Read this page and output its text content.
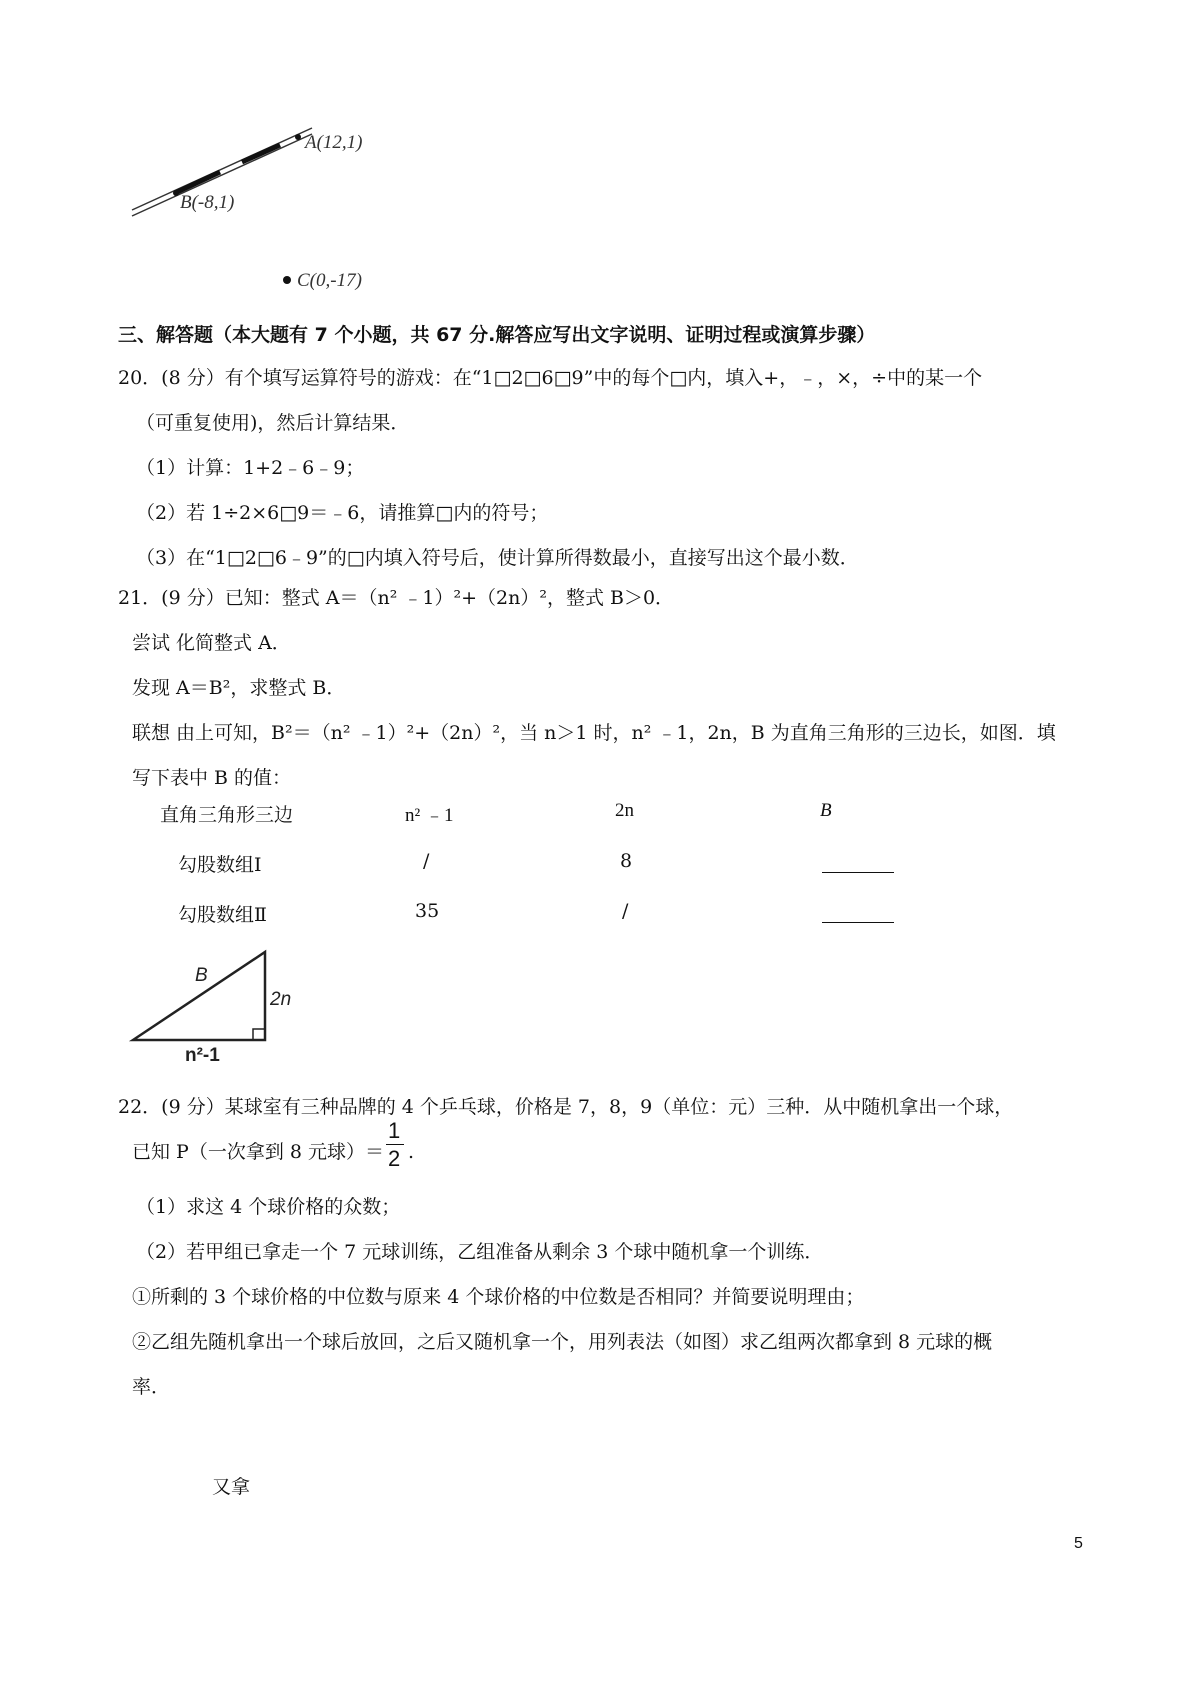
A(12,1)
B(-8,1)
C(0,-17)
三、解答题（本大题有 7 个小题，共 67 分.解答应写出文字说明、证明过程或演算步骤）
20．(8 分）有个填写运算符号的游戏：在“1□2□6□9”中的每个□内，填入+，﹣，×，÷中的某一个
（可重复使用)，然后计算结果．
（1）计算：1+2﹣6﹣9；
（2）若 1÷2×6□9＝﹣6，请推算□内的符号；
（3）在“1□2□6﹣9”的□内填入符号后，使计算所得数最小，直接写出这个最小数．
21．(9 分）已知：整式 A＝（n² ﹣1）²+（2n）²，整式 B＞0．
尝试 化简整式 A．
发现 A＝B²，求整式 B．
联想 由上可知，B²＝（n² ﹣1）²+（2n）²，当 n＞1 时，n² ﹣1，2n，B 为直角三角形的三边长，如图．填
写下表中 B 的值：
直角三角形三边	n² ﹣1	2n	B
勾股数组Ⅰ	/	8
勾股数组Ⅱ	35	/
B
2n
n²-1
22．(9 分）某球室有三种品牌的 4 个乒乓球，价格是 7，8，9（单位：元）三种．从中随机拿出一个球，
已知 P（一次拿到 8 元球）＝ $\frac{1}{2}$ .
（1）求这 4 个球价格的众数；
（2）若甲组已拿走一个 7 元球训练，乙组准备从剩余 3 个球中随机拿一个训练．
①所剩的 3 个球价格的中位数与原来 4 个球价格的中位数是否相同？并简要说明理由；
②乙组先随机拿出一个球后放回，之后又随机拿一个，用列表法（如图）求乙组两次都拿到 8 元球的概
率．
又拿
5
